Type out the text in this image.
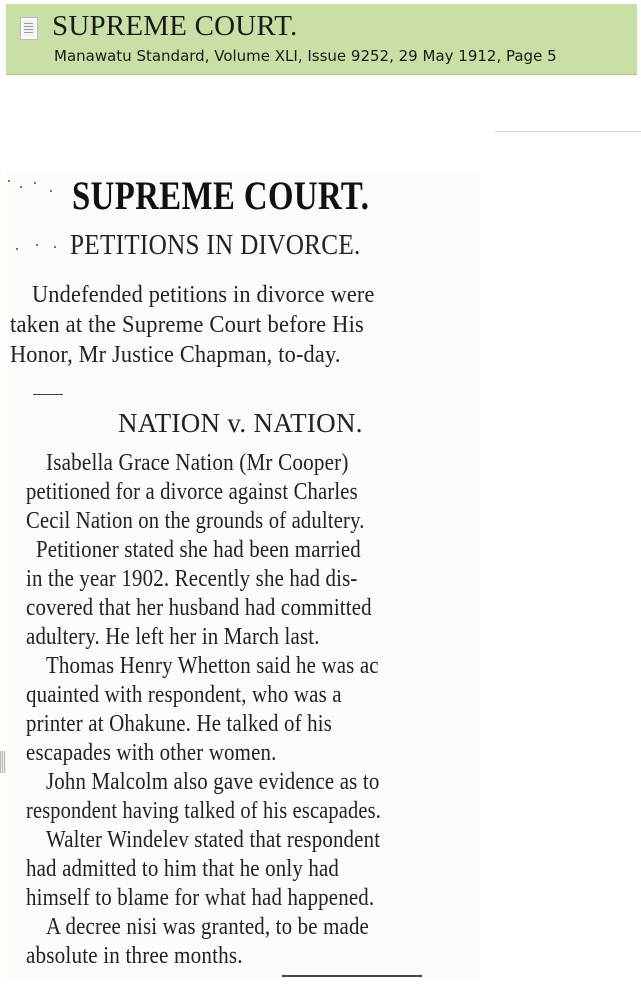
SUPREME COURT.
Manawatu Standard, Volume XLI, Issue 9252, 29 May 1912, Page 5
SUPREME COURT.
PETITIONS IN DIVORCE.
Undefended petitions in divorce were
taken at the Supreme Court before His
Honor, Mr Justice Chapman, to-day.
NATION v. NATION.
Isabella Grace Nation (Mr Cooper)
petitioned for a divorce against Charles
Cecil Nation on the grounds of adultery.
Petitioner stated she had been married
in the year 1902. Recently she had dis-
covered that her husband had committed
adultery. He left her in March last.
Thomas Henry Whetton said he was ac
quainted with respondent, who was a
printer at Ohakune. He talked of his
escapades with other women.
John Malcolm also gave evidence as to
respondent having talked of his escapades.
Walter Windelev stated that respondent
had admitted to him that he only had
himself to blame for what had happened.
A decree nisi was granted, to be made
absolute in three months.
